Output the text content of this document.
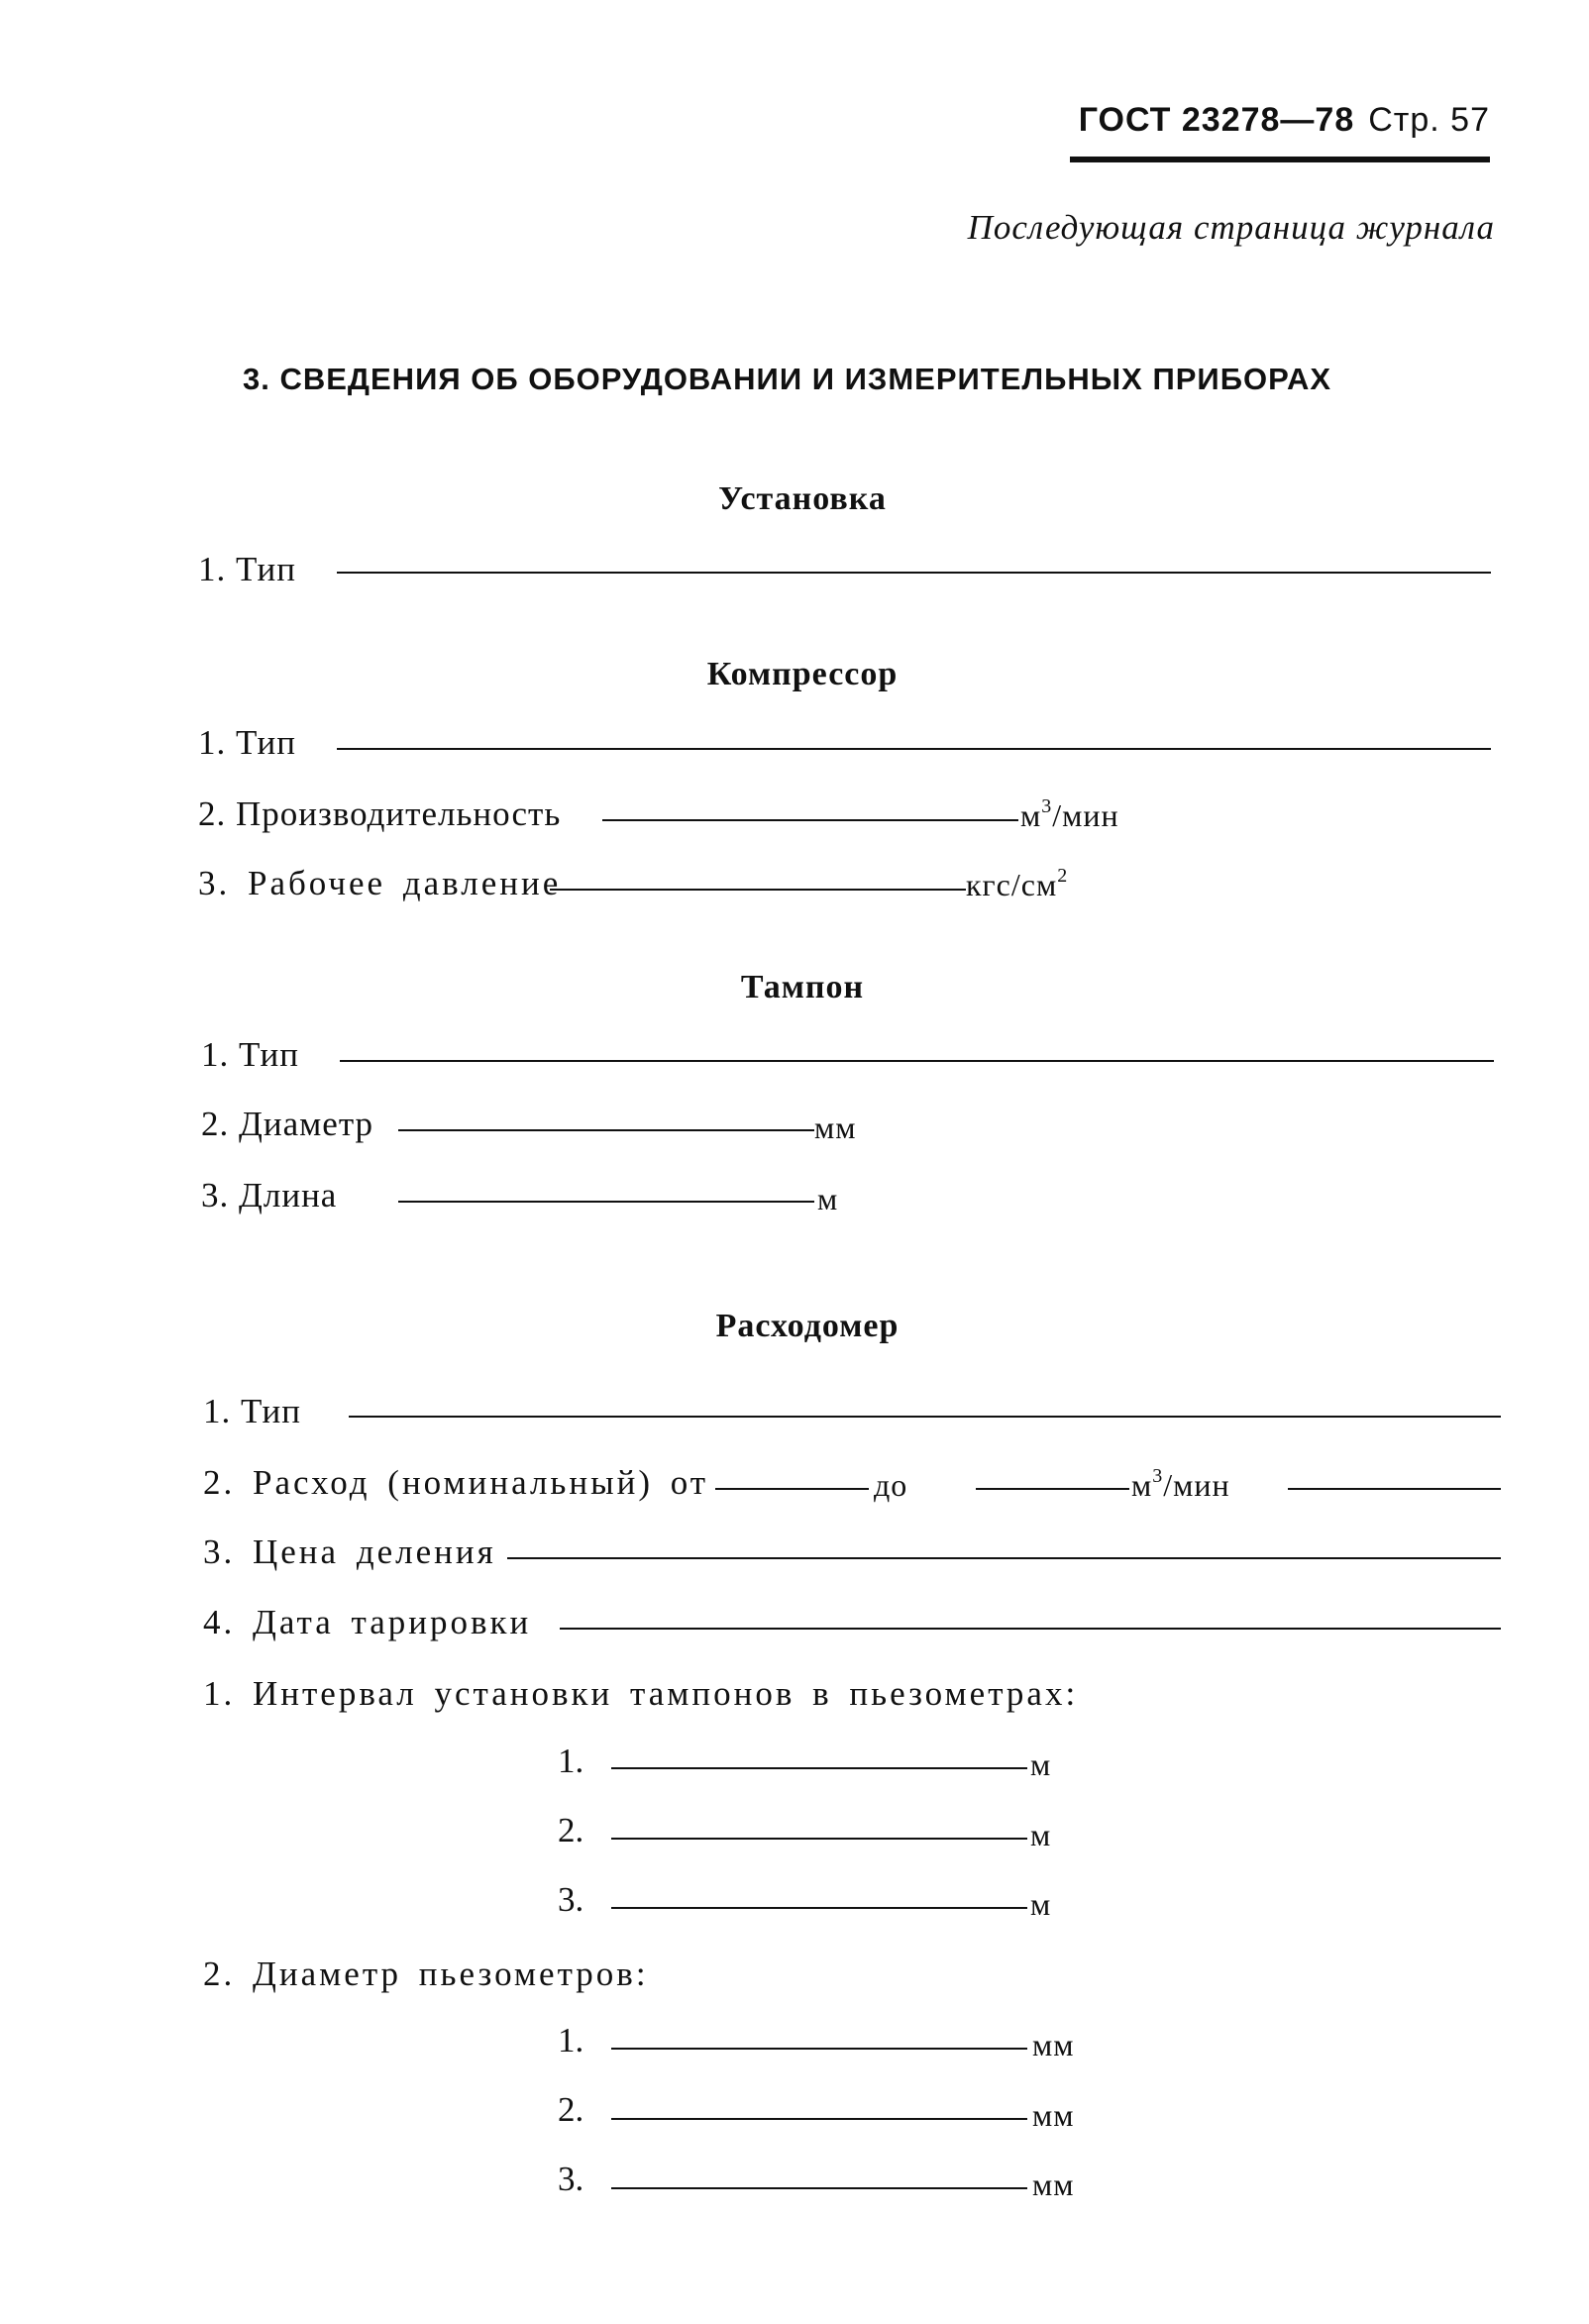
ГОСТ 23278—78 Стр. 57
Последующая страница журнала
3. СВЕДЕНИЯ ОБ ОБОРУДОВАНИИ И ИЗМЕРИТЕЛЬНЫХ ПРИБОРАХ
Установка
1. Тип
Компрессор
1. Тип
2. Производительность	$м^3$/мин
3. Рабочее давление	кгс/$см^2$
Тампон
1. Тип
2. Диаметр	мм
3. Длина	м
Расходомер
1. Тип
2. Расход (номинальный) от	до	$м^3$/мин
3. Цена деления
4. Дата тарировки
1. Интервал установки тампонов в пьезометрах:
1.	м
2.	м
3.	м
2. Диаметр пьезометров:
1.	мм
2.	мм
3.	мм
